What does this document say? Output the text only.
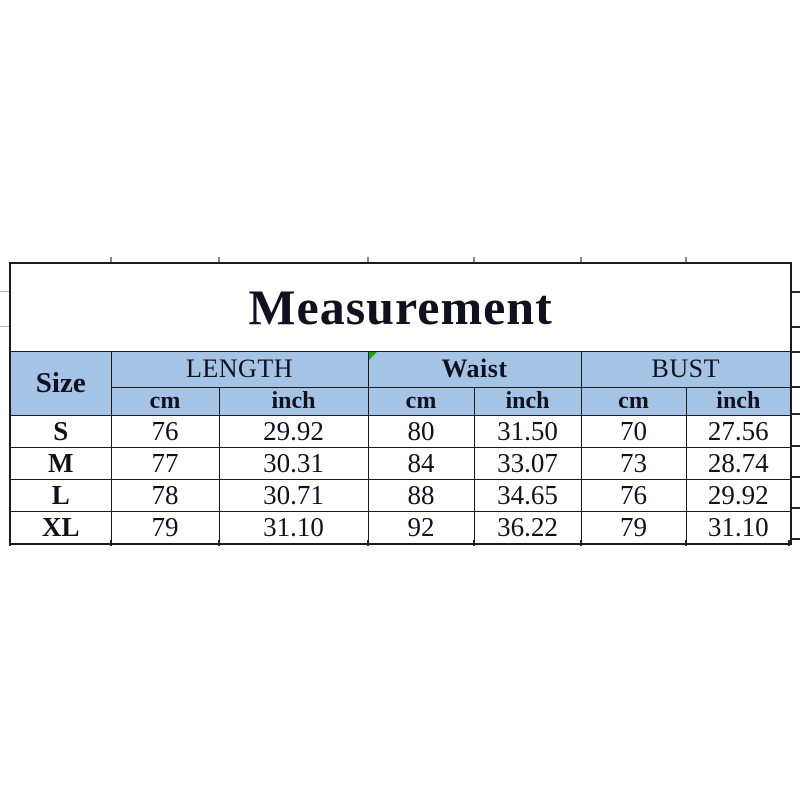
Measurement						
Size	LENGTH		Waist		BUST	
	cm	inch	cm	inch	cm	inch
S	76	29.92	80	31.50	70	27.56
M	77	30.31	84	33.07	73	28.74
L	78	30.71	88	34.65	76	29.92
XL	79	31.10	92	36.22	79	31.10
